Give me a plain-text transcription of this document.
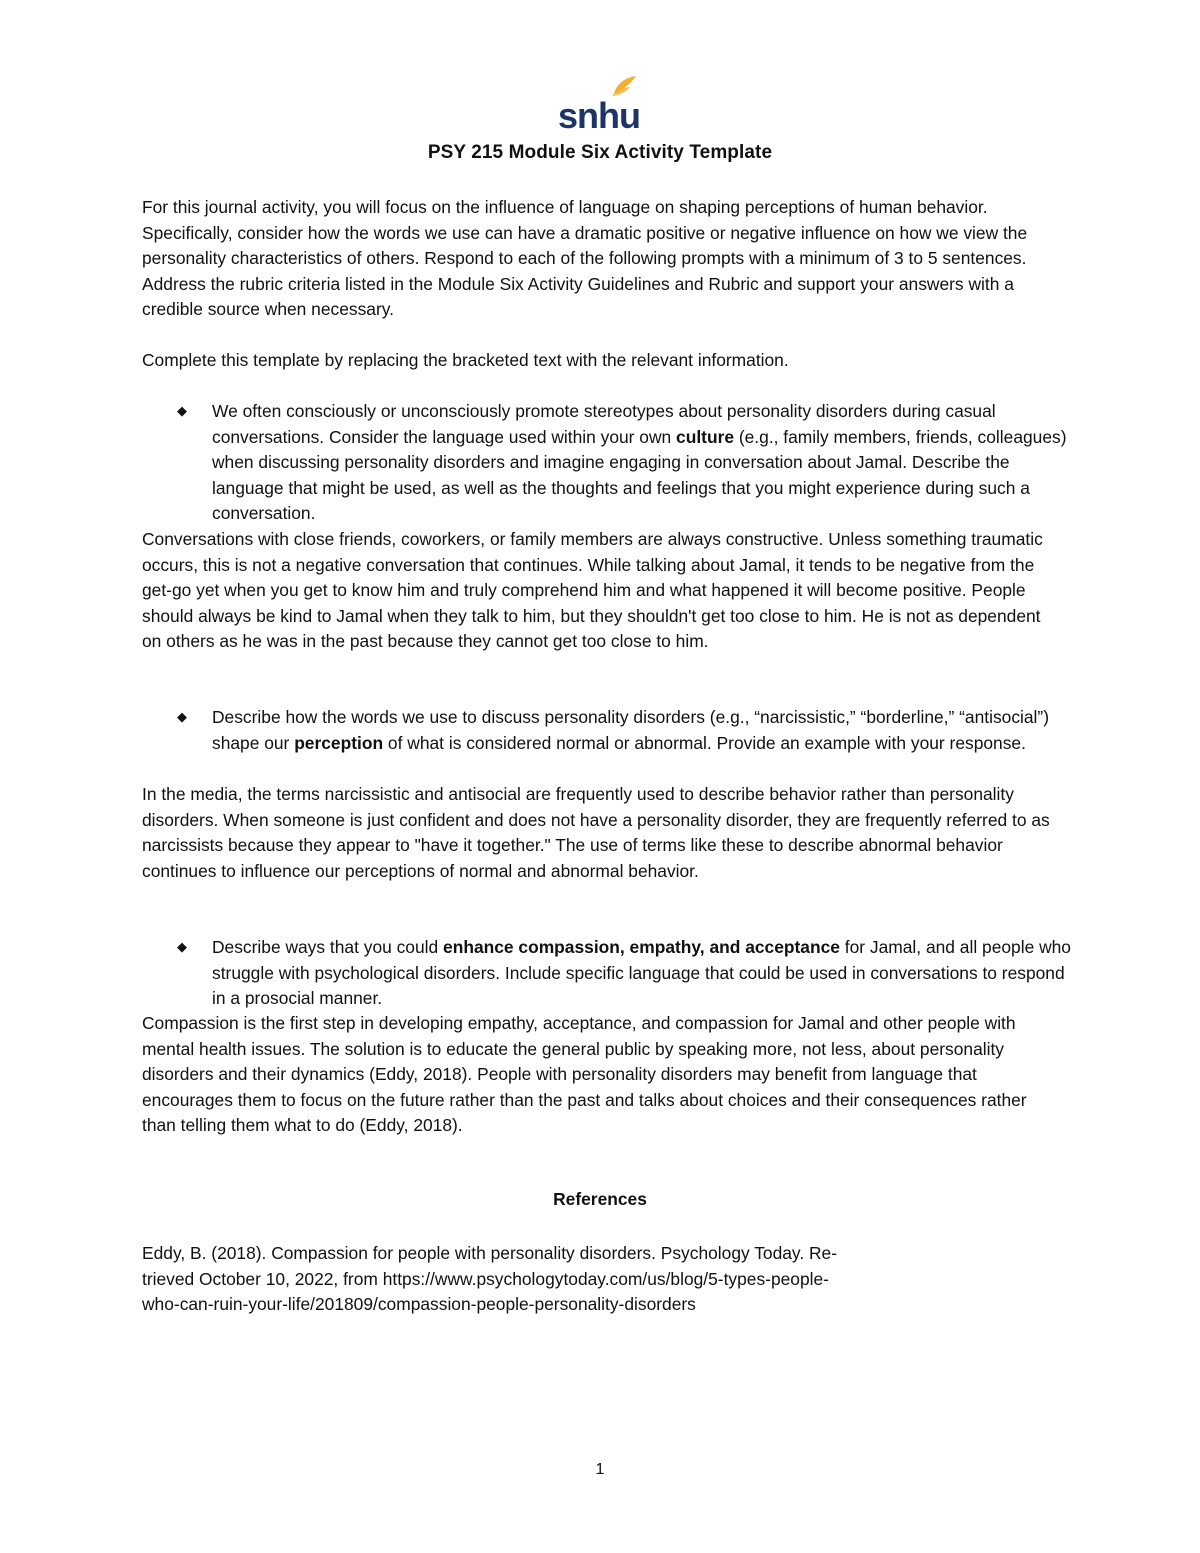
snhu
PSY 215 Module Six Activity Template
For this journal activity, you will focus on the influence of language on shaping perceptions of human behavior. Specifically, consider how the words we use can have a dramatic positive or negative influence on how we view the personality characteristics of others. Respond to each of the following prompts with a minimum of 3 to 5 sentences. Address the rubric criteria listed in the Module Six Activity Guidelines and Rubric and support your answers with a credible source when necessary.
Complete this template by replacing the bracketed text with the relevant information.
◆ We often consciously or unconsciously promote stereotypes about personality disorders during casual conversations. Consider the language used within your own culture (e.g., family members, friends, colleagues) when discussing personality disorders and imagine engaging in conversation about Jamal. Describe the language that might be used, as well as the thoughts and feelings that you might experience during such a conversation.
Conversations with close friends, coworkers, or family members are always constructive. Unless something traumatic occurs, this is not a negative conversation that continues. While talking about Jamal, it tends to be negative from the get-go yet when you get to know him and truly comprehend him and what happened it will become positive. People should always be kind to Jamal when they talk to him, but they shouldn't get too close to him. He is not as dependent on others as he was in the past because they cannot get too close to him.
◆ Describe how the words we use to discuss personality disorders (e.g., “narcissistic,” “borderline,” “antisocial”) shape our perception of what is considered normal or abnormal. Provide an example with your response.
In the media, the terms narcissistic and antisocial are frequently used to describe behavior rather than personality disorders. When someone is just confident and does not have a personality disorder, they are frequently referred to as narcissists because they appear to "have it together." The use of terms like these to describe abnormal behavior continues to influence our perceptions of normal and abnormal behavior.
◆ Describe ways that you could enhance compassion, empathy, and acceptance for Jamal, and all people who struggle with psychological disorders. Include specific language that could be used in conversations to respond in a prosocial manner.
Compassion is the first step in developing empathy, acceptance, and compassion for Jamal and other people with mental health issues. The solution is to educate the general public by speaking more, not less, about personality disorders and their dynamics (Eddy, 2018). People with personality disorders may benefit from language that encourages them to focus on the future rather than the past and talks about choices and their consequences rather than telling them what to do (Eddy, 2018).
References
Eddy, B. (2018). Compassion for people with personality disorders. Psychology Today. Re-
trieved October 10, 2022, from https://www.psychologytoday.com/us/blog/5-types-people-
who-can-ruin-your-life/201809/compassion-people-personality-disorders
1
